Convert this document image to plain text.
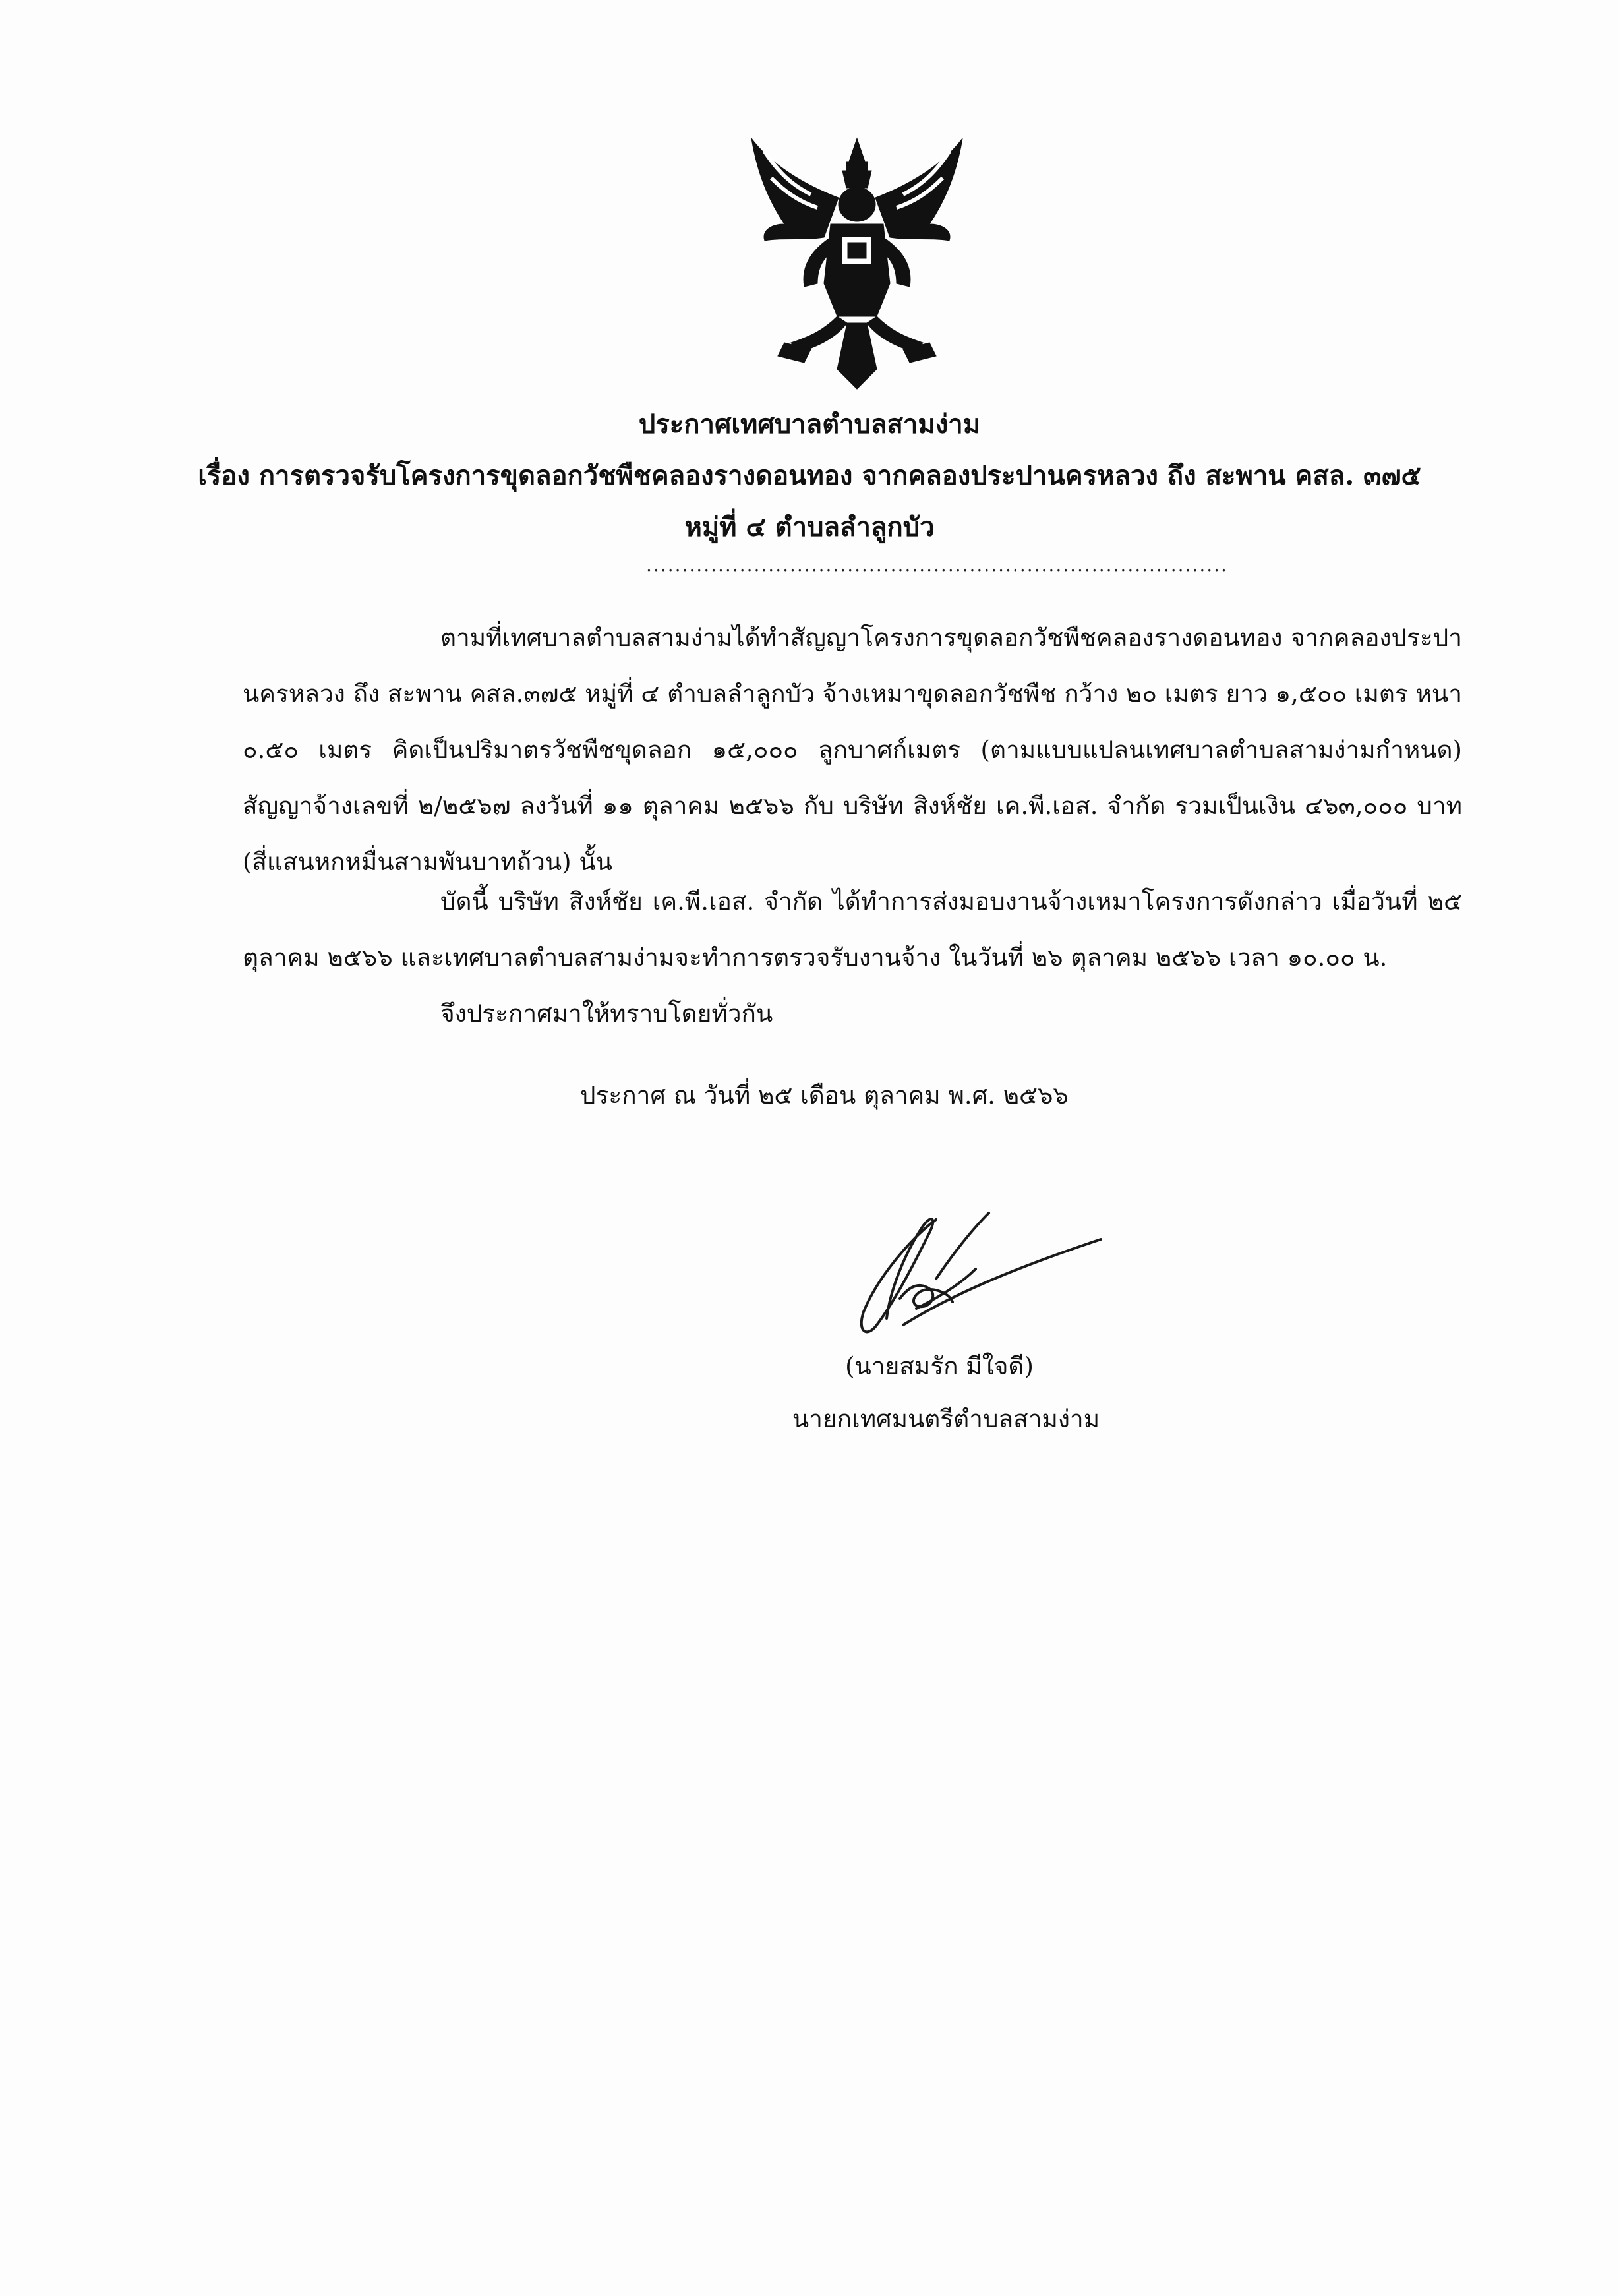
ประกาศเทศบาลตำบลสามง่าม
เรื่อง การตรวจรับโครงการขุดลอกวัชพืชคลองรางดอนทอง จากคลองประปานครหลวง ถึง สะพาน คสล. ๓๗๕
หมู่ที่ ๔ ตำบลลำลูกบัว
.................................................................................
ตามที่เทศบาลตำบลสามง่ามได้ทำสัญญาโครงการขุดลอกวัชพืชคลองรางดอนทอง จากคลองประปานครหลวง ถึง สะพาน คสล.๓๗๕ หมู่ที่ ๔ ตำบลลำลูกบัว จ้างเหมาขุดลอกวัชพืช กว้าง ๒๐ เมตร ยาว ๑,๕๐๐ เมตร หนา ๐.๕๐ เมตร คิดเป็นปริมาตรวัชพืชขุดลอก ๑๕,๐๐๐ ลูกบาศก์เมตร (ตามแบบแปลนเทศบาลตำบลสามง่ามกำหนด) สัญญาจ้างเลขที่ ๒/๒๕๖๗ ลงวันที่ ๑๑ ตุลาคม ๒๕๖๖ กับ บริษัท สิงห์ชัย เค.พี.เอส. จำกัด รวมเป็นเงิน ๔๖๓,๐๐๐ บาท (สี่แสนหกหมื่นสามพันบาทถ้วน) นั้น
บัดนี้ บริษัท สิงห์ชัย เค.พี.เอส. จำกัด ได้ทำการส่งมอบงานจ้างเหมาโครงการดังกล่าว เมื่อวันที่ ๒๕ ตุลาคม ๒๕๖๖ และเทศบาลตำบลสามง่ามจะทำการตรวจรับงานจ้าง ในวันที่ ๒๖ ตุลาคม ๒๕๖๖ เวลา ๑๐.๐๐ น.
จึงประกาศมาให้ทราบโดยทั่วกัน
ประกาศ ณ วันที่ ๒๕ เดือน ตุลาคม พ.ศ. ๒๕๖๖
(นายสมรัก มีใจดี)
นายกเทศมนตรีตำบลสามง่าม
